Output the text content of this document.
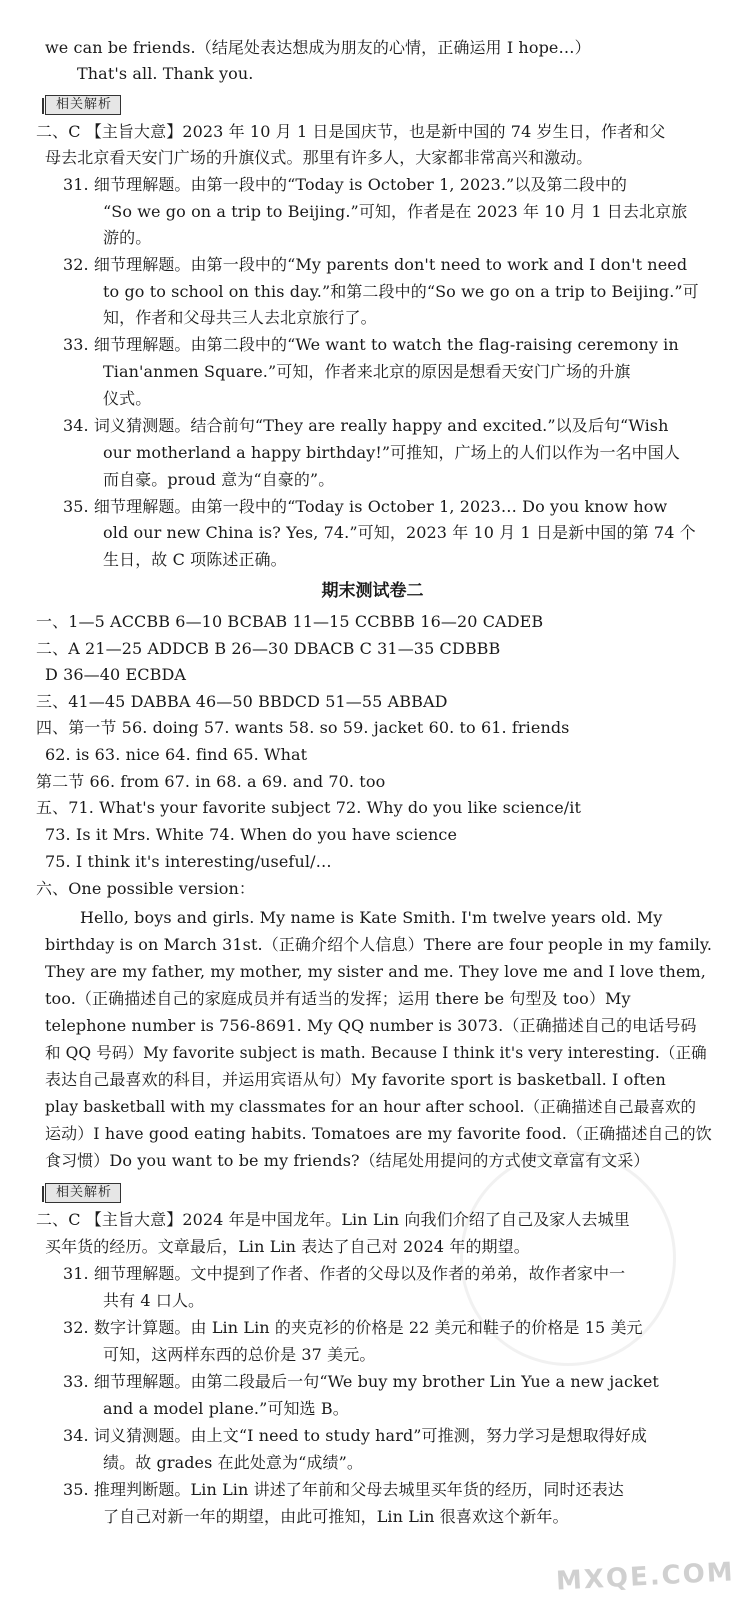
we can be friends.（结尾处表达想成为朋友的心情，正确运用 I hope…）
That's all. Thank you.
相关解析
二、C 【主旨大意】2023 年 10 月 1 日是国庆节，也是新中国的 74 岁生日，作者和父
母去北京看天安门广场的升旗仪式。那里有许多人，大家都非常高兴和激动。
31. 细节理解题。由第一段中的“Today is October 1, 2023.”以及第二段中的
“So we go on a trip to Beijing.”可知，作者是在 2023 年 10 月 1 日去北京旅
游的。
32. 细节理解题。由第一段中的“My parents don't need to work and I don't need
to go to school on this day.”和第二段中的“So we go on a trip to Beijing.”可
知，作者和父母共三人去北京旅行了。
33. 细节理解题。由第二段中的“We want to watch the flag-raising ceremony in
Tian'anmen Square.”可知，作者来北京的原因是想看天安门广场的升旗
仪式。
34. 词义猜测题。结合前句“They are really happy and excited.”以及后句“Wish
our motherland a happy birthday!”可推知，广场上的人们以作为一名中国人
而自豪。proud 意为“自豪的”。
35. 细节理解题。由第一段中的“Today is October 1, 2023… Do you know how
old our new China is? Yes, 74.”可知，2023 年 10 月 1 日是新中国的第 74 个
生日，故 C 项陈述正确。
期末测试卷二
一、1—5 ACCBB 6—10 BCBAB 11—15 CCBBB 16—20 CADEB
二、A 21—25 ADDCB B 26—30 DBACB C 31—35 CDBBB
D 36—40 ECBDA
三、41—45 DABBA 46—50 BBDCD 51—55 ABBAD
四、第一节 56. doing 57. wants 58. so 59. jacket 60. to 61. friends
62. is 63. nice 64. find 65. What
第二节 66. from 67. in 68. a 69. and 70. too
五、71. What's your favorite subject 72. Why do you like science/it
73. Is it Mrs. White 74. When do you have science
75. I think it's interesting/useful/…
六、One possible version：
Hello, boys and girls. My name is Kate Smith. I'm twelve years old. My
birthday is on March 31st.（正确介绍个人信息）There are four people in my family.
They are my father, my mother, my sister and me. They love me and I love them,
too.（正确描述自己的家庭成员并有适当的发挥；运用 there be 句型及 too）My
telephone number is 756-8691. My QQ number is 3073.（正确描述自己的电话号码
和 QQ 号码）My favorite subject is math. Because I think it's very interesting.（正确
表达自己最喜欢的科目，并运用宾语从句）My favorite sport is basketball. I often
play basketball with my classmates for an hour after school.（正确描述自己最喜欢的
运动）I have good eating habits. Tomatoes are my favorite food.（正确描述自己的饮
食习惯）Do you want to be my friends?（结尾处用提问的方式使文章富有文采）
相关解析
二、C 【主旨大意】2024 年是中国龙年。Lin Lin 向我们介绍了自己及家人去城里
买年货的经历。文章最后，Lin Lin 表达了自己对 2024 年的期望。
31. 细节理解题。文中提到了作者、作者的父母以及作者的弟弟，故作者家中一
共有 4 口人。
32. 数字计算题。由 Lin Lin 的夹克衫的价格是 22 美元和鞋子的价格是 15 美元
可知，这两样东西的总价是 37 美元。
33. 细节理解题。由第二段最后一句“We buy my brother Lin Yue a new jacket
and a model plane.”可知选 B。
34. 词义猜测题。由上文“I need to study hard”可推测，努力学习是想取得好成
绩。故 grades 在此处意为“成绩”。
35. 推理判断题。Lin Lin 讲述了年前和父母去城里买年货的经历，同时还表达
了自己对新一年的期望，由此可推知，Lin Lin 很喜欢这个新年。
MXQE.COM
